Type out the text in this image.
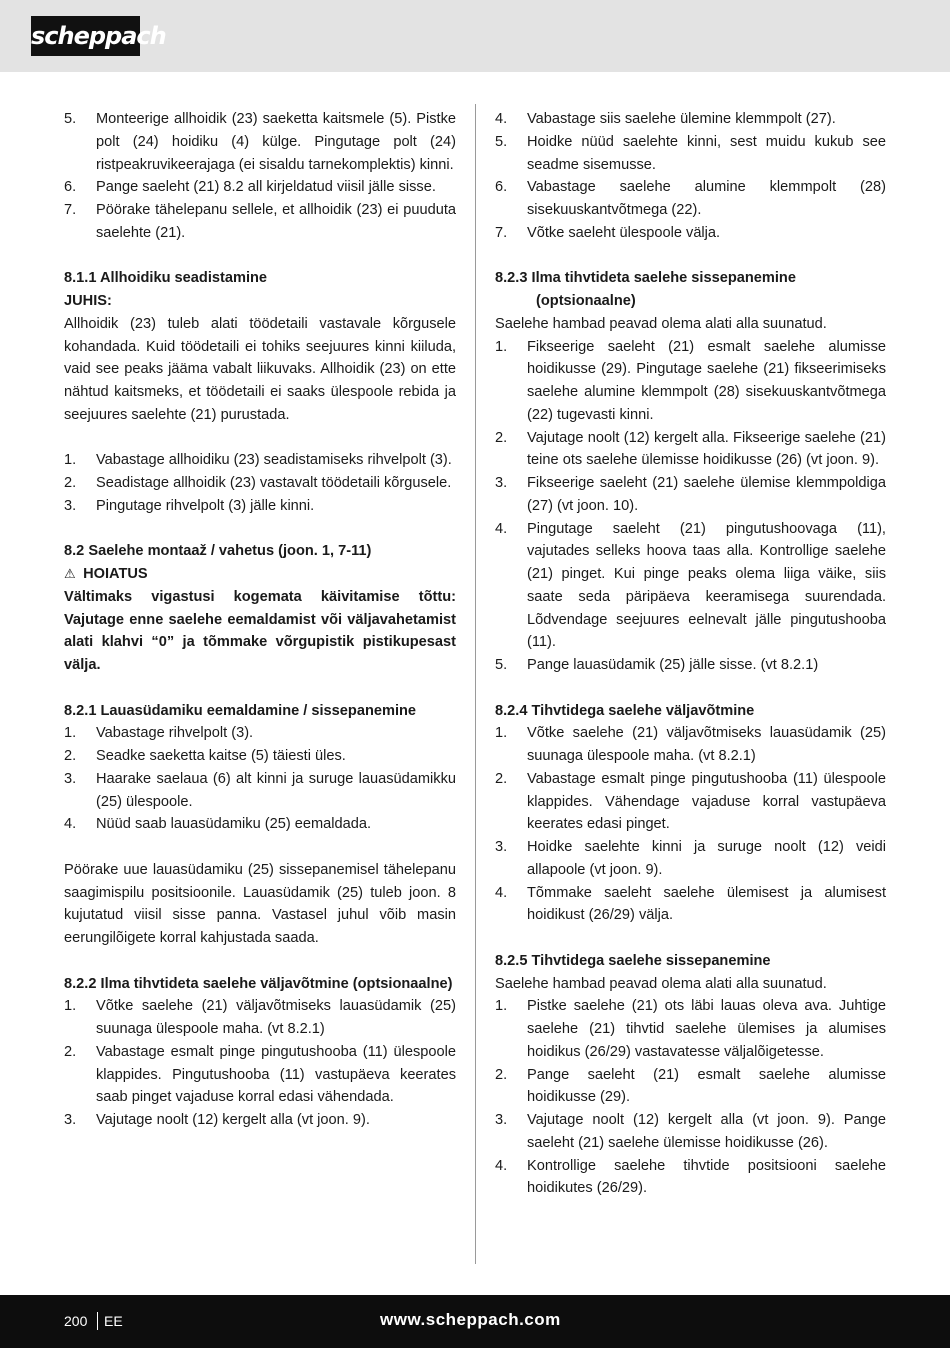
scheppach
5. Monteerige allhoidik (23) saeketta kaitsmele (5). Pistke polt (24) hoidiku (4) külge. Pingutage polt (24) ristpeakruvikeerajaga (ei sisaldu tarnekomplektis) kinni.
6. Pange saeleht (21) 8.2 all kirjeldatud viisil jälle sisse.
7. Pöörake tähelepanu sellele, et allhoidik (23) ei puuduta saelehte (21).

8.1.1 Allhoidiku seadistamine

JUHIS:

Allhoidik (23) tuleb alati töödetaili vastavale kõrgusele kohandada. Kuid töödetaili ei tohiks seejuures kinni kiiluda, vaid see peaks jääma vabalt liikuvaks. Allhoidik (23) on ette nähtud kaitsmeks, et töödetaili ei saaks ülespoole rebida ja seejuures saelehte (21) purustada.

1. Vabastage allhoidiku (23) seadistamiseks rihvelpolt (3).
2. Seadistage allhoidik (23) vastavalt töödetaili kõrgusele.
3. Pingutage rihvelpolt (3) jälle kinni.

8.2 Saelehe montaaž / vahetus (joon. 1, 7-11)

⚠ HOIATUS

Vältimaks vigastusi kogemata käivitamise tõttu: Vajutage enne saelehe eemaldamist või väljavahetamist alati klahvi “0” ja tõmmake võrgupistik pistikupesast välja.

8.2.1 Lauasüdamiku eemaldamine / sissepanemine

1. Vabastage rihvelpolt (3).
2. Seadke saeketta kaitse (5) täiesti üles.
3. Haarake saelaua (6) alt kinni ja suruge lauasüdamikku (25) ülespoole.
4. Nüüd saab lauasüdamiku (25) eemaldada.

Pöörake uue lauasüdamiku (25) sissepanemisel tähelepanu saagimispilu positsioonile. Lauasüdamik (25) tuleb joon. 8 kujutatud viisil sisse panna. Vastasel juhul võib masin eerungilõigete korral kahjustada saada.

8.2.2 Ilma tihvtideta saelehe väljavõtmine (optsionaalne)

1. Võtke saelehe (21) väljavõtmiseks lauasüdamik (25) suunaga ülespoole maha. (vt 8.2.1)
2. Vabastage esmalt pinge pingutushooba (11) ülespoole klappides. Pingutushooba (11) vastupäeva keerates saab pinget vajaduse korral edasi vähendada.
3. Vajutage noolt (12) kergelt alla (vt joon. 9).
4. Vabastage siis saelehe ülemine klemmpolt (27).
5. Hoidke nüüd saelehte kinni, sest muidu kukub see seadme sisemusse.
6. Vabastage saelehe alumine klemmpolt (28) sisekuuskantvõtmega (22).
7. Võtke saeleht ülespoole välja.

8.2.3 Ilma tihvtideta saelehe sissepanemine (optsionaalne)

Saelehe hambad peavad olema alati alla suunatud.

1. Fikseerige saeleht (21) esmalt saelehe alumisse hoidikusse (29). Pingutage saelehe (21) fikseerimiseks saelehe alumine klemmpolt (28) sisekuuskantvõtmega (22) tugevasti kinni.
2. Vajutage noolt (12) kergelt alla. Fikseerige saelehe (21) teine ots saelehe ülemisse hoidikusse (26) (vt joon. 9).
3. Fikseerige saeleht (21) saelehe ülemise klemmpoldiga (27) (vt joon. 10).
4. Pingutage saeleht (21) pingutushoovaga (11), vajutades selleks hoova taas alla. Kontrollige saelehe (21) pinget. Kui pinge peaks olema liiga väike, siis saate seda päripäeva keeramisega suurendada. Lõdvendage seejuures eelnevalt jälle pingutushooba (11).
5. Pange lauasüdamik (25) jälle sisse. (vt 8.2.1)

8.2.4 Tihvtidega saelehe väljavõtmine

1. Võtke saelehe (21) väljavõtmiseks lauasüdamik (25) suunaga ülespoole maha. (vt 8.2.1)
2. Vabastage esmalt pinge pingutushooba (11) ülespoole klappides. Vähendage vajaduse korral vastupäeva keerates edasi pinget.
3. Hoidke saelehte kinni ja suruge noolt (12) veidi allapoole (vt joon. 9).
4. Tõmmake saeleht saelehe ülemisest ja alumisest hoidikust (26/29) välja.

8.2.5 Tihvtidega saelehe sissepanemine

Saelehe hambad peavad olema alati alla suunatud.

1. Pistke saelehe (21) ots läbi lauas oleva ava. Juhtige saelehe (21) tihvtid saelehe ülemises ja alumises hoidikus (26/29) vastavatesse väljalõigetesse.
2. Pange saeleht (21) esmalt saelehe alumisse hoidikusse (29).
3. Vajutage noolt (12) kergelt alla (vt joon. 9). Pange saeleht (21) saelehe ülemisse hoidikusse (26).
4. Kontrollige saelehe tihvtide positsiooni saelehe hoidikutes (26/29).
200 EE	www.scheppach.com
